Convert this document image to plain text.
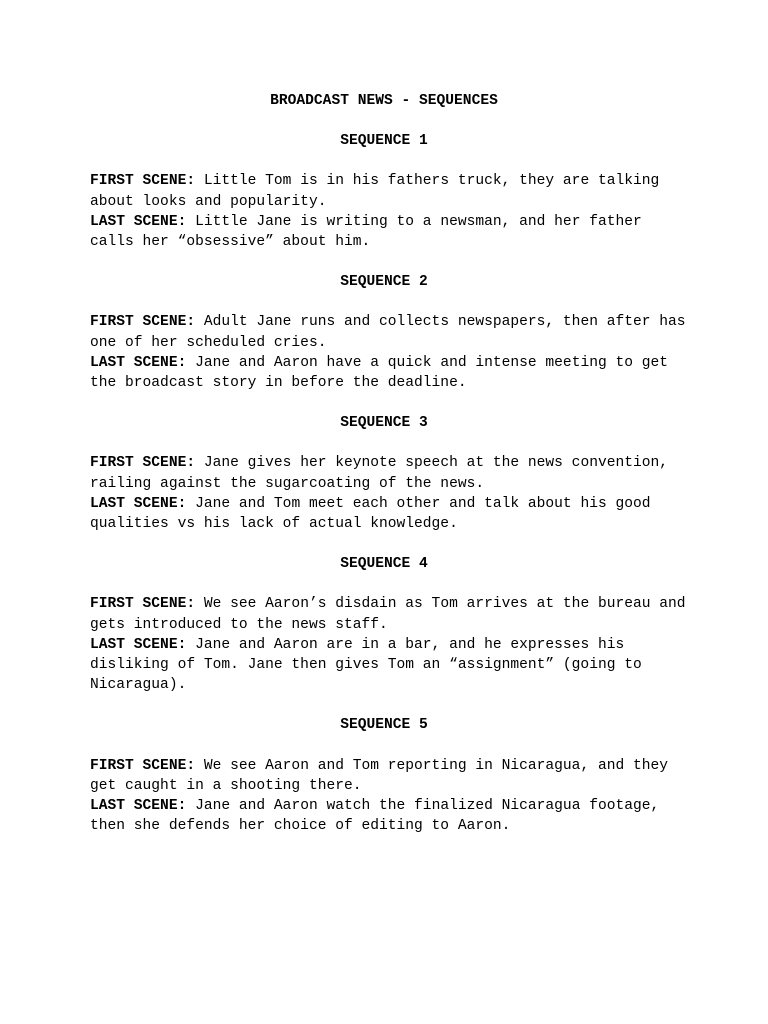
BROADCAST NEWS - SEQUENCES

SEQUENCE 1

FIRST SCENE: Little Tom is in his fathers truck, they are talking about looks and popularity.

LAST SCENE: Little Jane is writing to a newsman, and her father calls her “obsessive” about him.

SEQUENCE 2

FIRST SCENE: Adult Jane runs and collects newspapers, then after has one of her scheduled cries.

LAST SCENE: Jane and Aaron have a quick and intense meeting to get the broadcast story in before the deadline.

SEQUENCE 3

FIRST SCENE: Jane gives her keynote speech at the news convention, railing against the sugarcoating of the news.

LAST SCENE: Jane and Tom meet each other and talk about his good qualities vs his lack of actual knowledge.

SEQUENCE 4

FIRST SCENE: We see Aaron’s disdain as Tom arrives at the bureau and gets introduced to the news staff.

LAST SCENE: Jane and Aaron are in a bar, and he expresses his disliking of Tom. Jane then gives Tom an “assignment” (going to Nicaragua).

SEQUENCE 5

FIRST SCENE: We see Aaron and Tom reporting in Nicaragua, and they get caught in a shooting there.

LAST SCENE: Jane and Aaron watch the finalized Nicaragua footage, then she defends her choice of editing to Aaron.
